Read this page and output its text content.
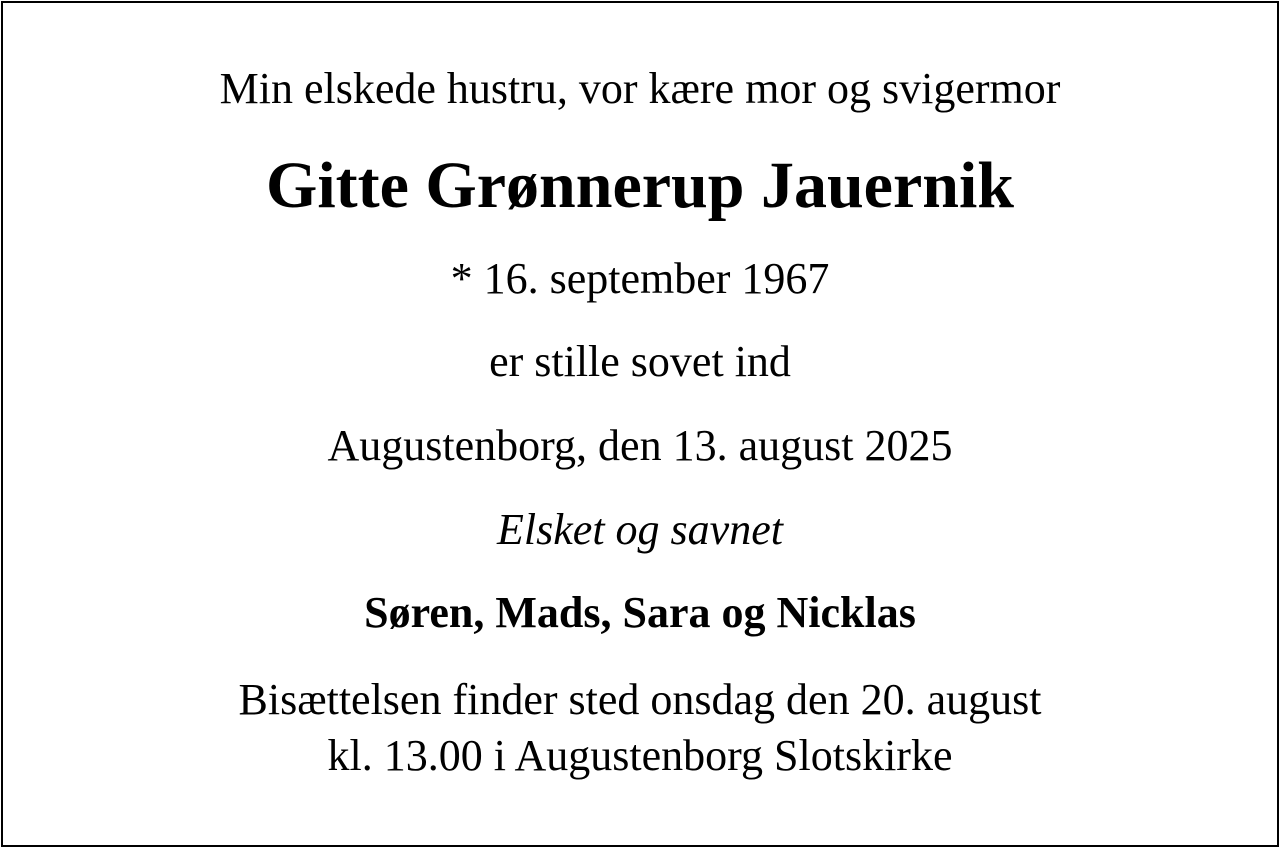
Min elskede hustru, vor kære mor og svigermor
Gitte Grønnerup Jauernik
* 16. september 1967
er stille sovet ind
Augustenborg, den 13. august 2025
Elsket og savnet
Søren, Mads, Sara og Nicklas
Bisættelsen finder sted onsdag den 20. august
kl. 13.00 i Augustenborg Slotskirke
